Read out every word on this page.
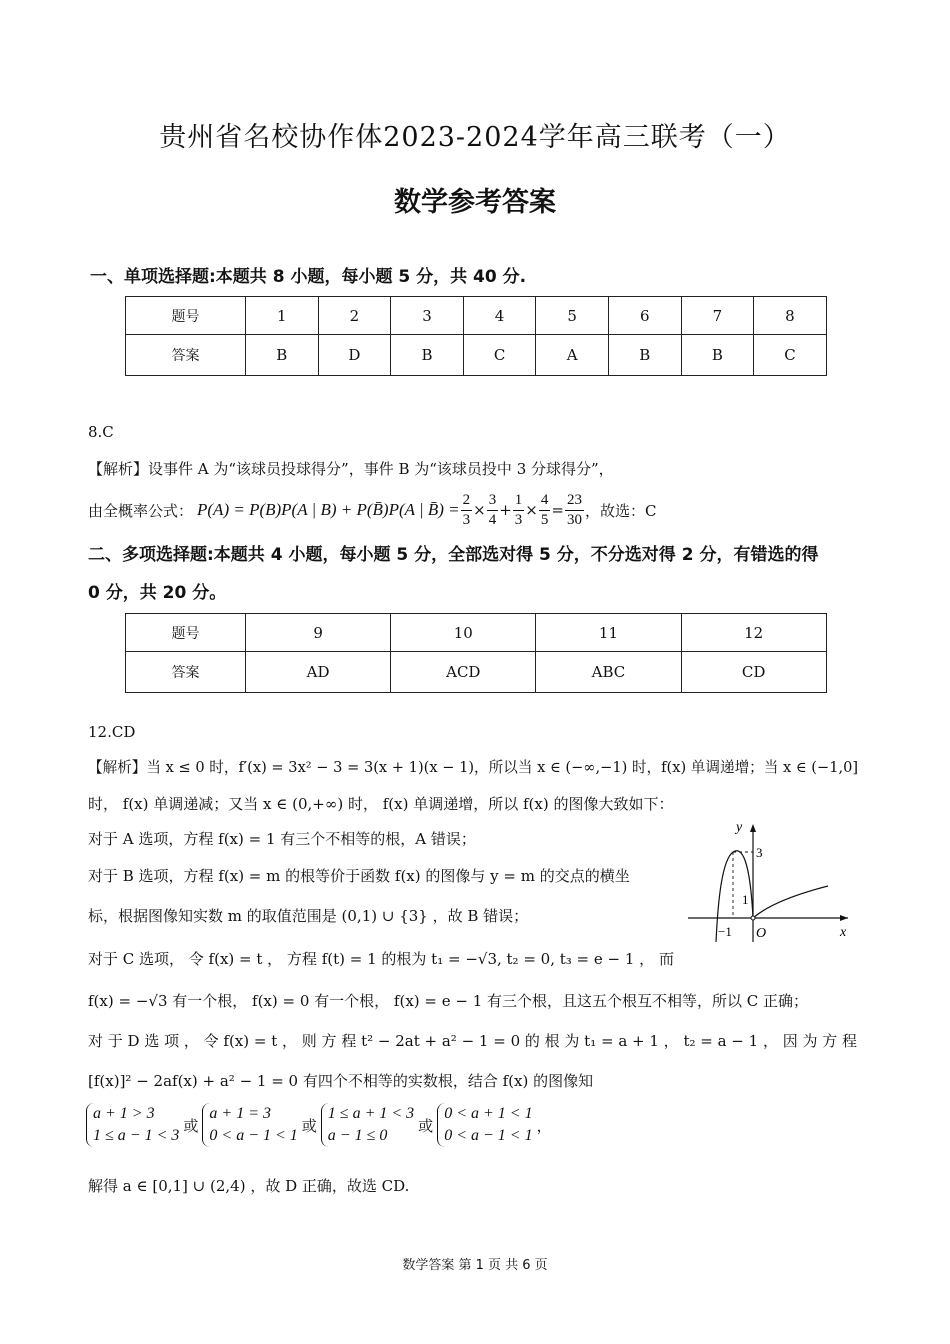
贵州省名校协作体2023-2024学年高三联考（一）
数学参考答案
一、单项选择题:本题共 8 小题，每小题 5 分，共 40 分.
题号	1	2	3	4	5	6	7	8
答案	B	D	B	C	A	B	B	C
8.C
【解析】设事件 A 为“该球员投球得分”，事件 B 为“该球员投中 3 分球得分”，
由全概率公式： P(A) = P(B)P(A | B) + P(B̄)P(A | B̄) = $\frac{2}{3} \times \frac{3}{4} + \frac{1}{3} \times \frac{4}{5} = \frac{23}{30}$ ，故选：C
二、多项选择题:本题共 4 小题，每小题 5 分，全部选对得 5 分，不分选对得 2 分，有错选的得
0 分，共 20 分。
题号	9	10	11	12
答案	AD	ACD	ABC	CD
12.CD
【解析】当 x ≤ 0 时，f′(x) = 3x² − 3 = 3(x + 1)(x − 1)，所以当 x ∈ (−∞,−1) 时，f(x) 单调递增；当 x ∈ (−1,0]
时， f(x) 单调递减；又当 x ∈ (0,+∞) 时， f(x) 单调递增，所以 f(x) 的图像大致如下：
对于 A 选项，方程 f(x) = 1 有三个不相等的根，A 错误；
对于 B 选项，方程 f(x) = m 的根等价于函数 f(x) 的图像与 y = m 的交点的横坐
标，根据图像知实数 m 的取值范围是 (0,1) ∪ {3} ，故 B 错误；
对于 C 选项， 令 f(x) = t ， 方程 f(t) = 1 的根为 t₁ = −√3, t₂ = 0, t₃ = e − 1 ， 而
f(x) = −√3 有一个根， f(x) = 0 有一个根， f(x) = e − 1 有三个根，且这五个根互不相等，所以 C 正确；
对 于 D 选 项 ， 令 f(x) = t ， 则 方 程 t² − 2at + a² − 1 = 0 的 根 为 t₁ = a + 1 ， t₂ = a − 1 ， 因 为 方 程
[f(x)]² − 2af(x) + a² − 1 = 0 有四个不相等的实数根，结合 f(x) 的图像知
a + 1 > 3
1 ≤ a − 1 < 3
或
a + 1 = 3
0 < a − 1 < 1
或
1 ≤ a + 1 < 3
a − 1 ≤ 0
或
0 < a + 1 < 1
0 < a − 1 < 1
，
解得 a ∈ [0,1] ∪ (2,4) ，故 D 正确，故选 CD.
y
x
O
3
1
−1
数学答案 第 1 页 共 6 页
